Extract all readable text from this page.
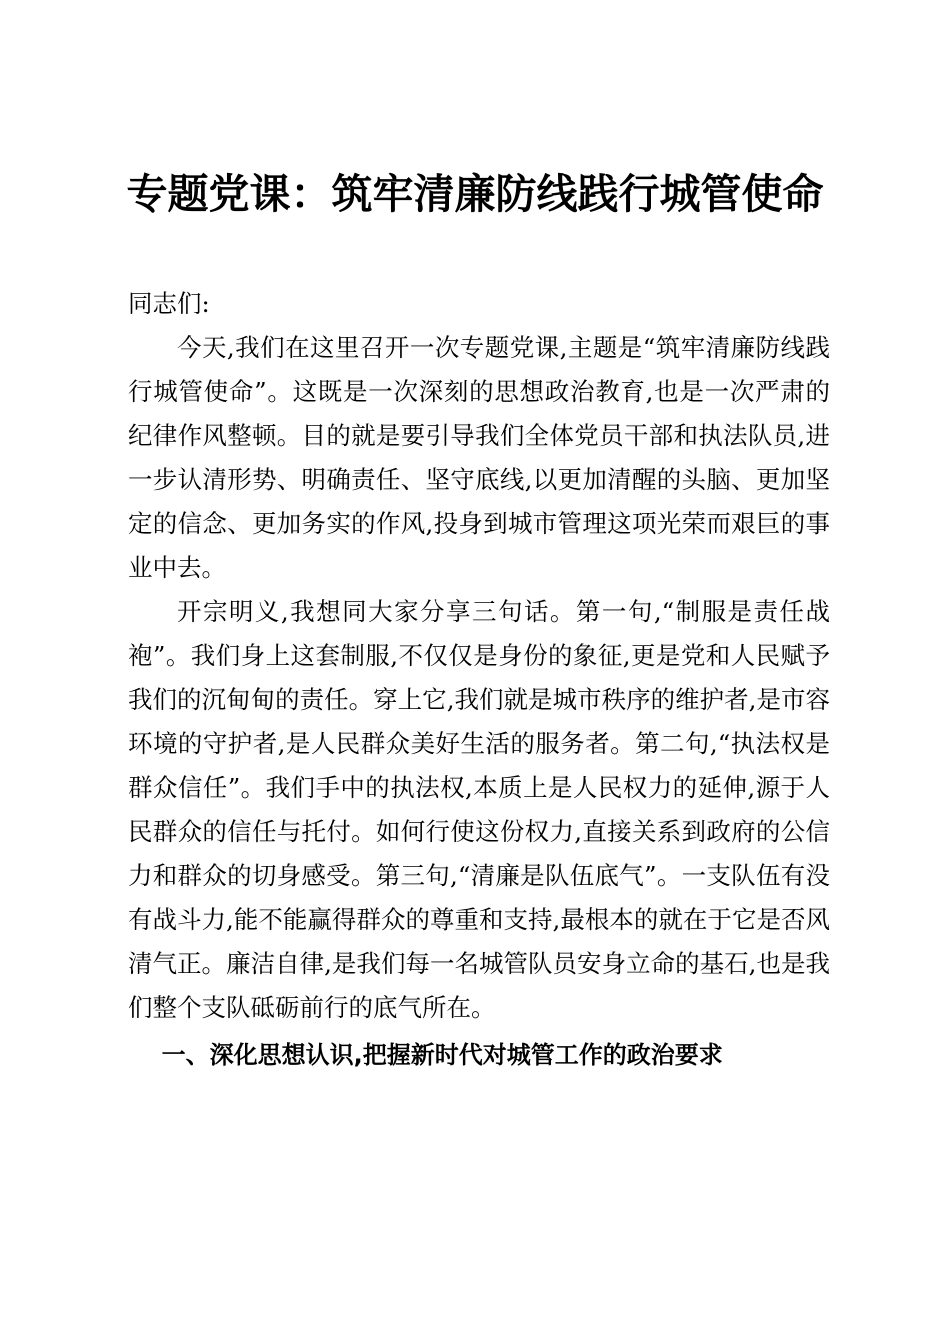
专题党课：筑牢清廉防线践行城管使命

同志们:

今天,我们在这里召开一次专题党课,主题是“筑牢清廉防线践行城管使命”。这既是一次深刻的思想政治教育,也是一次严肃的纪律作风整顿。目的就是要引导我们全体党员干部和执法队员,进一步认清形势、明确责任、坚守底线,以更加清醒的头脑、更加坚定的信念、更加务实的作风,投身到城市管理这项光荣而艰巨的事业中去。

开宗明义,我想同大家分享三句话。第一句,“制服是责任战袍”。我们身上这套制服,不仅仅是身份的象征,更是党和人民赋予我们的沉甸甸的责任。穿上它,我们就是城市秩序的维护者,是市容环境的守护者,是人民群众美好生活的服务者。第二句,“执法权是群众信任”。我们手中的执法权,本质上是人民权力的延伸,源于人民群众的信任与托付。如何行使这份权力,直接关系到政府的公信力和群众的切身感受。第三句,“清廉是队伍底气”。一支队伍有没有战斗力,能不能赢得群众的尊重和支持,最根本的就在于它是否风清气正。廉洁自律,是我们每一名城管队员安身立命的基石,也是我们整个支队砥砺前行的底气所在。

一、深化思想认识,把握新时代对城管工作的政治要求
